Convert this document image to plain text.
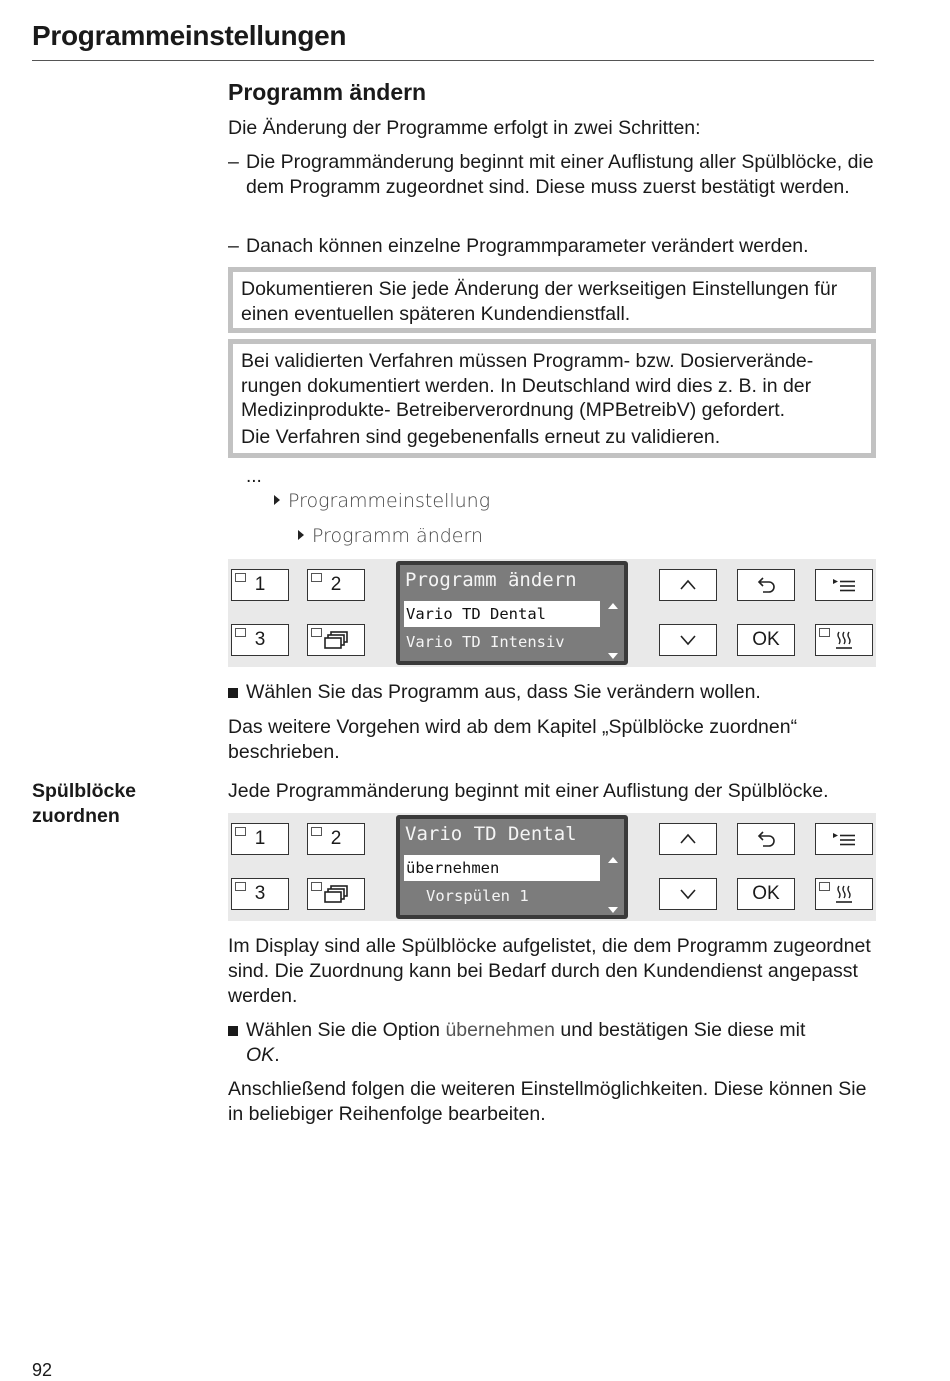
Programmeinstellungen
Programm ändern
Die Änderung der Programme erfolgt in zwei Schritten:
– Die Programmänderung beginnt mit einer Auflistung aller Spülblöcke, die dem Programm zugeordnet sind. Diese muss zuerst bestätigt werden.
– Danach können einzelne Programmparameter verändert werden.
Dokumentieren Sie jede Änderung der werkseitigen Einstellungen für einen eventuellen späteren Kundendienstfall.
Bei validierten Verfahren müssen Programm- bzw. Dosierveränderungen dokumentiert werden. In Deutschland wird dies z. B. in der Medizinprodukte- Betreiberverordnung (MPBetreibV) gefordert.
Die Verfahren sind gegebenenfalls erneut zu validieren.
...
Programmeinstellung
Programm ändern
1	2
3
Programm ändern
Vario TD Dental
Vario TD Intensiv	OK
Wählen Sie das Programm aus, dass Sie verändern wollen.
Das weitere Vorgehen wird ab dem Kapitel „Spülblöcke zuordnen“ beschrieben.
Spülblöcke
zuordnen
Jede Programmänderung beginnt mit einer Auflistung der Spülblöcke.
1	2
3
Vario TD Dental
übernehmen
Vorspülen 1	OK
Im Display sind alle Spülblöcke aufgelistet, die dem Programm zugeordnet sind. Die Zuordnung kann bei Bedarf durch den Kundendienst angepasst werden.
Wählen Sie die Option übernehmen und bestätigen Sie diese mit
OK.
Anschließend folgen die weiteren Einstellmöglichkeiten. Diese können Sie in beliebiger Reihenfolge bearbeiten.
92
